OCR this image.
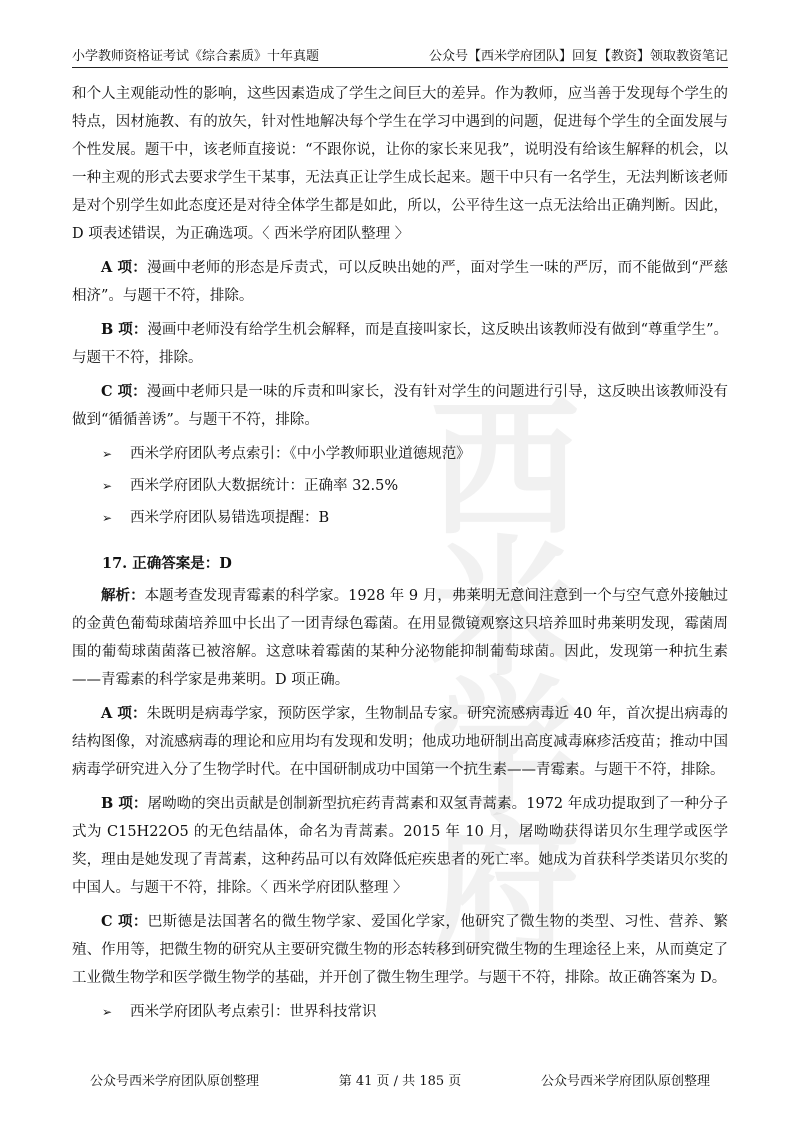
小学教师资格证考试《综合素质》十年真题	公众号【西米学府团队】回复【教资】领取教资笔记
西米学府

和个人主观能动性的影响，这些因素造成了学生之间巨大的差异。作为教师，应当善于发现每个学生的特点，因材施教、有的放矢，针对性地解决每个学生在学习中遇到的问题，促进每个学生的全面发展与个性发展。题干中，该老师直接说：“不跟你说，让你的家长来见我”，说明没有给该生解释的机会，以一种主观的形式去要求学生干某事，无法真正让学生成长起来。题干中只有一名学生，无法判断该老师是对个别学生如此态度还是对待全体学生都是如此，所以，公平待生这一点无法给出正确判断。因此，D 项表述错误，为正确选项。〈 西米学府团队整理 〉

A 项：漫画中老师的形态是斥责式，可以反映出她的严，面对学生一味的严厉，而不能做到“严慈相济”。与题干不符，排除。

B 项：漫画中老师没有给学生机会解释，而是直接叫家长，这反映出该教师没有做到“尊重学生”。与题干不符，排除。

C 项：漫画中老师只是一味的斥责和叫家长，没有针对学生的问题进行引导，这反映出该教师没有做到“循循善诱”。与题干不符，排除。

➢	西米学府团队考点索引：《中小学教师职业道德规范》
➢	西米学府团队大数据统计：正确率 32.5%
➢	西米学府团队易错选项提醒：B
17. 正确答案是：D

解析：本题考查发现青霉素的科学家。1928 年 9 月，弗莱明无意间注意到一个与空气意外接触过的金黄色葡萄球菌培养皿中长出了一团青绿色霉菌。在用显微镜观察这只培养皿时弗莱明发现，霉菌周围的葡萄球菌菌落已被溶解。这意味着霉菌的某种分泌物能抑制葡萄球菌。因此，发现第一种抗生素——青霉素的科学家是弗莱明。D 项正确。

A 项：朱既明是病毒学家，预防医学家，生物制品专家。研究流感病毒近 40 年，首次提出病毒的结构图像，对流感病毒的理论和应用均有发现和发明；他成功地研制出高度减毒麻疹活疫苗；推动中国病毒学研究进入分了生物学时代。在中国研制成功中国第一个抗生素——青霉素。与题干不符，排除。

B 项：屠呦呦的突出贡献是创制新型抗疟药青蒿素和双氢青蒿素。1972 年成功提取到了一种分子式为 C15H22O5 的无色结晶体，命名为青蒿素。2015 年 10 月，屠呦呦获得诺贝尔生理学或医学奖，理由是她发现了青蒿素，这种药品可以有效降低疟疾患者的死亡率。她成为首获科学类诺贝尔奖的中国人。与题干不符，排除。〈 西米学府团队整理 〉

C 项：巴斯德是法国著名的微生物学家、爱国化学家，他研究了微生物的类型、习性、营养、繁殖、作用等，把微生物的研究从主要研究微生物的形态转移到研究微生物的生理途径上来，从而奠定了工业微生物学和医学微生物学的基础，并开创了微生物生理学。与题干不符，排除。故正确答案为 D。

➢	西米学府团队考点索引：世界科技常识
公众号西米学府团队原创整理	第 41 页 / 共 185 页	公众号西米学府团队原创整理
